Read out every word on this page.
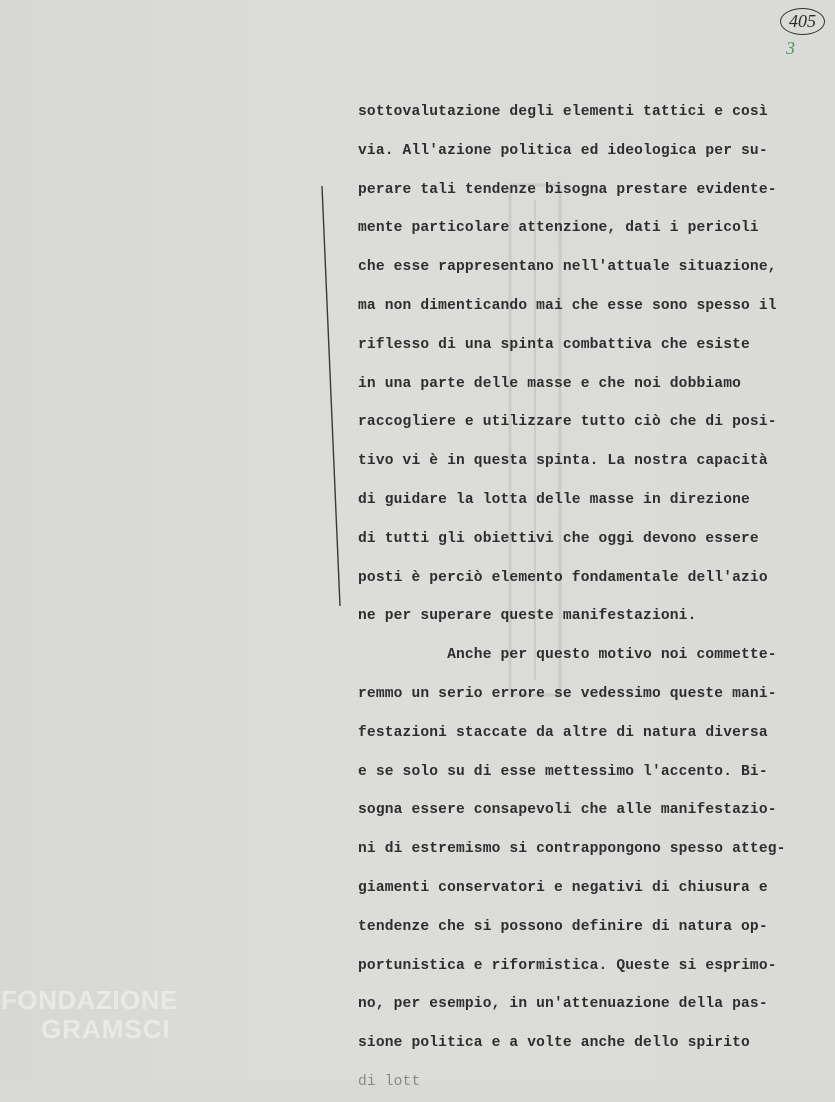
405
3
sottovalutazione degli elementi tattici e così
via. All'azione politica ed ideologica per su-
perare tali tendenze bisogna prestare evidente-
mente particolare attenzione, dati i pericoli
che esse rappresentano nell'attuale situazione,
ma non dimenticando mai che esse sono spesso il
riflesso di una spinta combattiva che esiste
in una parte delle masse e che noi dobbiamo
raccogliere e utilizzare tutto ciò che di posi-
tivo vi è in questa spinta. La nostra capacità
di guidare la lotta delle masse in direzione
di tutti gli obiettivi che oggi devono essere
posti è perciò elemento fondamentale dell'azio
ne per superare queste manifestazioni.
Anche per questo motivo noi commette-
remmo un serio errore se vedessimo queste mani-
festazioni staccate da altre di natura diversa
e se solo su di esse mettessimo l'accento. Bi-
sogna essere consapevoli che alle manifestazio-
ni di estremismo si contrappongono spesso atteg-
giamenti conservatori e negativi di chiusura e
tendenze che si possono definire di natura op-
portunistica e riformistica. Queste si esprimo-
no, per esempio, in un'attenuazione della pas-
sione politica e a volte anche dello spirito
di lott
FONDAZIONE
GRAMSCI
